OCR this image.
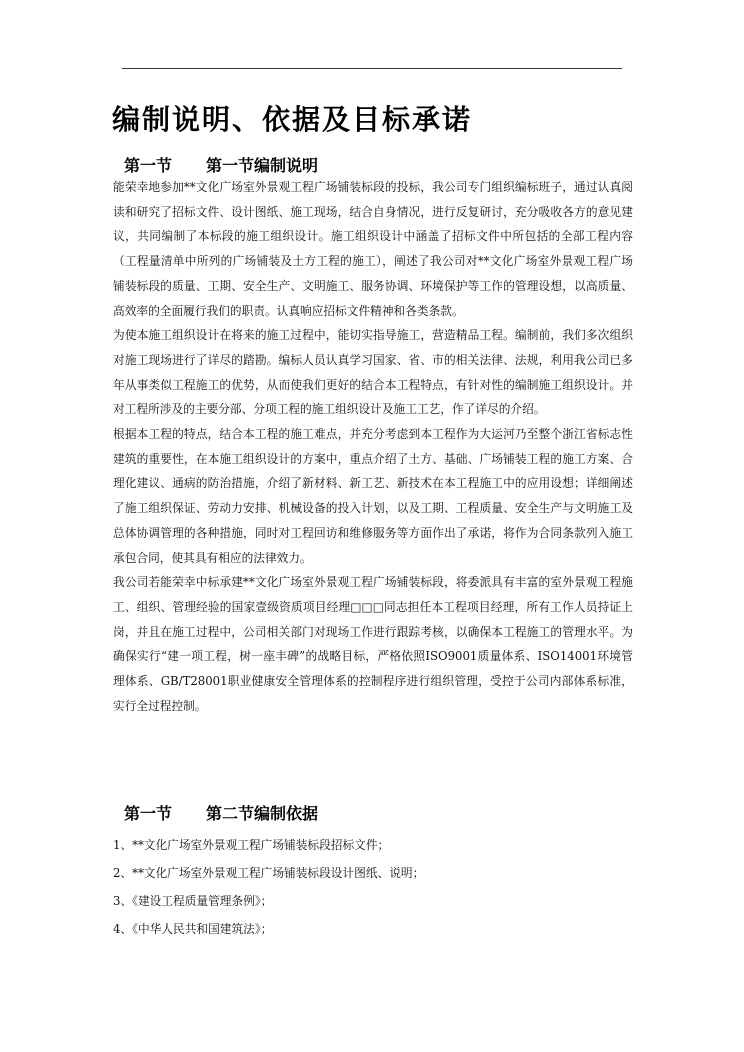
编制说明、依据及目标承诺
第一节 第一节编制说明

能荣幸地参加**文化广场室外景观工程广场铺装标段的投标，我公司专门组织编标班子，通过认真阅读和研究了招标文件、设计图纸、施工现场，结合自身情况，进行反复研讨，充分吸收各方的意见建议，共同编制了本标段的施工组织设计。施工组织设计中涵盖了招标文件中所包括的全部工程内容（工程量清单中所列的广场铺装及土方工程的施工），阐述了我公司对**文化广场室外景观工程广场铺装标段的质量、工期、安全生产、文明施工、服务协调、环境保护等工作的管理设想，以高质量、高效率的全面履行我们的职责。认真响应招标文件精神和各类条款。

为使本施工组织设计在将来的施工过程中，能切实指导施工，营造精品工程。编制前，我们多次组织对施工现场进行了详尽的踏勘。编标人员认真学习国家、省、市的相关法律、法规，利用我公司已多年从事类似工程施工的优势，从而使我们更好的结合本工程特点，有针对性的编制施工组织设计。并对工程所涉及的主要分部、分项工程的施工组织设计及施工工艺，作了详尽的介绍。

根据本工程的特点，结合本工程的施工难点，并充分考虑到本工程作为大运河乃至整个浙江省标志性建筑的重要性，在本施工组织设计的方案中，重点介绍了土方、基础、广场铺装工程的施工方案、合理化建议、通病的防治措施，介绍了新材料、新工艺、新技术在本工程施工中的应用设想；详细阐述了施工组织保证、劳动力安排、机械设备的投入计划，以及工期、工程质量、安全生产与文明施工及总体协调管理的各种措施，同时对工程回访和维修服务等方面作出了承诺，将作为合同条款列入施工承包合同，使其具有相应的法律效力。

我公司若能荣幸中标承建**文化广场室外景观工程广场铺装标段，将委派具有丰富的室外景观工程施工、组织、管理经验的国家壹级资质项目经理□□□同志担任本工程项目经理，所有工作人员持证上岗，并且在施工过程中，公司相关部门对现场工作进行跟踪考核，以确保本工程施工的管理水平。为确保实行“建一项工程，树一座丰碑”的战略目标，严格依照ISO9001质量体系、ISO14001环境管理体系、GB/T28001职业健康安全管理体系的控制程序进行组织管理，受控于公司内部体系标准，实行全过程控制。

第一节 第二节编制依据
1、**文化广场室外景观工程广场铺装标段招标文件；
2、**文化广场室外景观工程广场铺装标段设计图纸、说明；
3、《建设工程质量管理条例》；
4、《中华人民共和国建筑法》；
